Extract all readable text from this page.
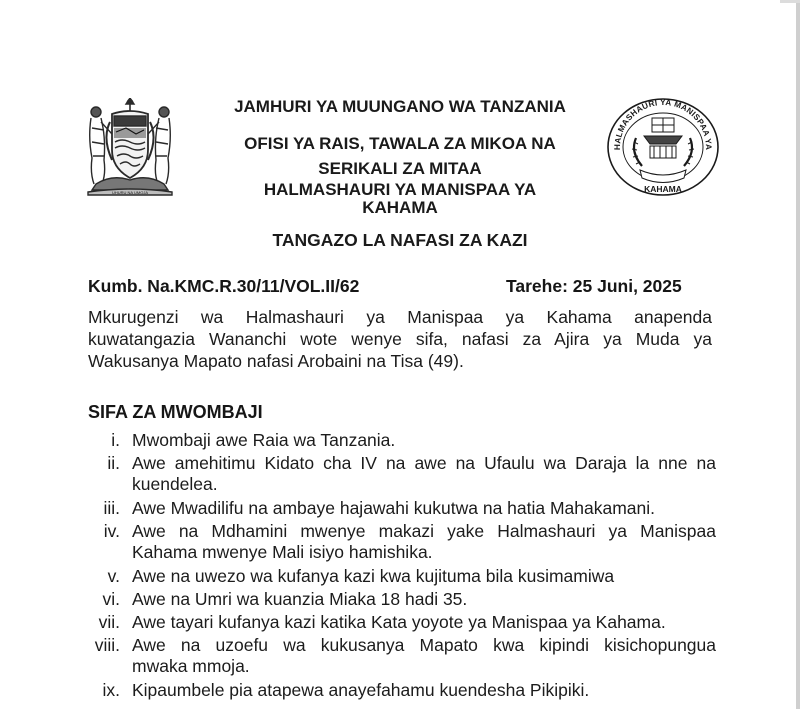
UHURU NA UMOJA
HALMASHAURI YA MANISPAA YA
KAHAMA
JAMHURI YA MUUNGANO WA TANZANIA
OFISI YA RAIS, TAWALA ZA MIKOA NA
SERIKALI ZA MITAA
HALMASHAURI YA MANISPAA YA
KAHAMA
TANGAZO LA NAFASI ZA KAZI
Kumb. Na.KMC.R.30/11/VOL.II/62	Tarehe: 25 Juni, 2025
Mkurugenzi wa Halmashauri ya Manispaa ya Kahama anapenda
kuwatangazia Wananchi wote wenye sifa, nafasi za Ajira ya Muda ya
Wakusanya Mapato nafasi Arobaini na Tisa (49).
SIFA ZA MWOMBAJI
i. Mwombaji awe Raia wa Tanzania.
ii. Awe amehitimu Kidato cha IV na awe na Ufaulu wa Daraja la nne na
kuendelea.
iii. Awe Mwadilifu na ambaye hajawahi kukutwa na hatia Mahakamani.
iv. Awe na Mdhamini mwenye makazi yake Halmashauri ya Manispaa
Kahama mwenye Mali isiyo hamishika.
v. Awe na uwezo wa kufanya kazi kwa kujituma bila kusimamiwa
vi. Awe na Umri wa kuanzia Miaka 18 hadi 35.
vii. Awe tayari kufanya kazi katika Kata yoyote ya Manispaa ya Kahama.
viii. Awe na uzoefu wa kukusanya Mapato kwa kipindi kisichopungua
mwaka mmoja.
ix. Kipaumbele pia atapewa anayefahamu kuendesha Pikipiki.
